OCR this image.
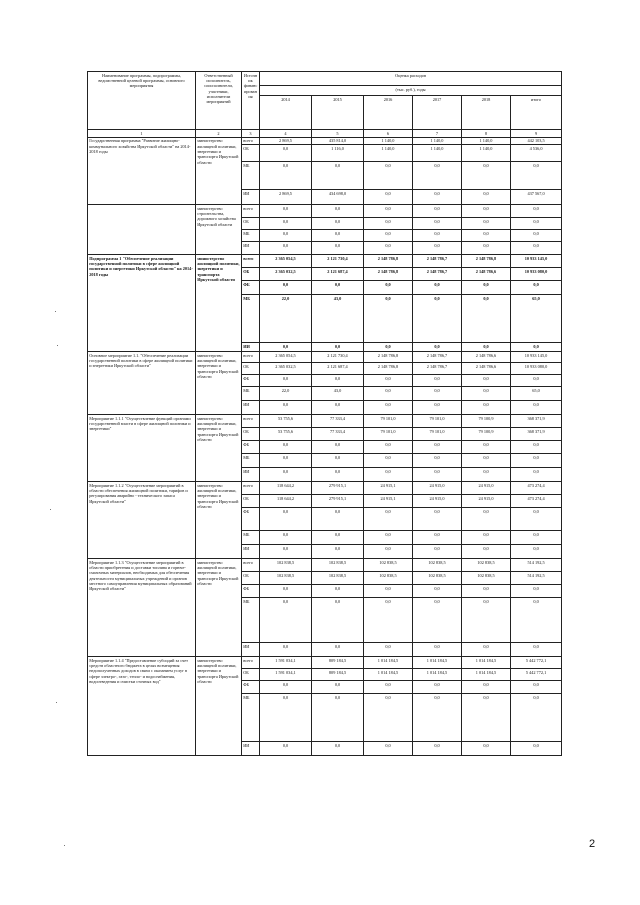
Наименование программы, подпрограммы, ведомственной целевой программы, основного мероприятия	Ответственный исполнитель, соисполнители, участники, исполнители мероприятий	Источник финансирования	Оценка расходов					
			(тыс. руб.), годы					
			2014	2015	2016	2017	2018	итого
1	2	3	4	5	6	7	8	9
Государственная программа "Развитие жилищно-коммунального хозяйства Иркутской области" на 2014-2018 годы	министерство жилищной политики, энергетики и транспорта Иркутской области	всего	2 869,5	435 814,0	1 140,0	1 140,0	1 140,0	442 103,5
		ОБ	0,0	1 116,0	1 140,0	1 140,0	1 140,0	4 536,0
		МБ	0,0	0,0	0,0	0,0	0,0	0,0
		ИИ	2 869,5	434 698,0	0,0	0,0	0,0	437 567,0
	министерство строительства, дорожного хозяйства Иркутской области	всего	0,0	0,0	0,0	0,0	0,0	0,0
		ОБ	0,0	0,0	0,0	0,0	0,0	0,0
		МБ	0,0	0,0	0,0	0,0	0,0	0,0
		ИИ	0,0	0,0	0,0	0,0	0,0	0,0
Подпрограмма 1 "Обеспечение реализации государственной политики в сфере жилищной политики и энергетики Иркутской области" на 2014-2018 годы	министерство жилищной политики, энергетики и транспорта Иркутской области	всего	2 365 054,5	2 121 730,4	2 148 786,8	2 148 786,7	2 148 786,8	10 933 145,0
		ОБ	2 365 032,5	2 121 687,4	2 148 786,8	2 148 786,7	2 148 786,6	10 933 080,0
		ФБ	0,0	0,0	0,0	0,0	0,0	0,0
		МБ	22,0	43,0	0,0	0,0	0,0	65,0
		ИИ	0,0	0,0	0,0	0,0	0,0	0,0
Основное мероприятие 1.1. "Обеспечение реализации государственной политики в сфере жилищной политики и энергетики Иркутской области"	министерство жилищной политики, энергетики и транспорта Иркутской области	всего	2 365 054,5	2 121 730,4	2 148 786,8	2 148 786,7	2 148 786,6	10 933 145,0
		ОБ	2 365 032,5	2 121 687,4	2 148 786,8	2 148 786,7	2 148 786,6	10 933 080,0
		ФБ	0,0	0,0	0,0	0,0	0,0	0,0
		МБ	22,0	43,0	0,0	0,0	0,0	65,0
		ИИ	0,0	0,0	0,0	0,0	0,0	0,0
Мероприятие 1.1.1 "Осуществление функций органами государственной власти в сфере жилищной политики и энергетики"	министерство жилищной политики, энергетики и транспорта Иркутской области	всего	53 755,6	77 333,4	79 101,0	79 101,0	79 100,9	368 371,9
		ОБ	53 755,6	77 333,4	79 101,0	79 101,0	79 100,9	368 371,9
		ФБ	0,0	0,0	0,0	0,0	0,0	0,0
		МБ	0,0	0,0	0,0	0,0	0,0	0,0
		ИИ	0,0	0,0	0,0	0,0	0,0	0,0
Мероприятие 1.1.2 "Осуществление мероприятий в области обеспечения жилищной политики, тарифов и регулирования аварийно - технического запаса Иркутской области"	министерство жилищной политики, энергетики и транспорта Иркутской области	всего	118 644,2	279 915,1	24 915,1	24 915,0	24 915,0	473 274,4
		ОБ	118 644,2	279 915,1	24 915,1	24 915,0	24 915,0	473 274,4
		ФБ	0,0	0,0	0,0	0,0	0,0	0,0
		МБ	0,0	0,0	0,0	0,0	0,0	0,0
		ИИ	0,0	0,0	0,0	0,0	0,0	0,0
Мероприятие 1.1.3 "Осуществление мероприятий в области приобретения и доставки топлива и горюче-смазочных материалов, необходимых для обеспечения деятельности муниципальных учреждений и органов местного самоуправления муниципальных образований Иркутской области"	министерство жилищной политики, энергетики и транспорта Иркутской области	всего	102 838,5	102 838,5	102 838,5	102 838,5	102 838,5	514 192,5
		ОБ	102 838,5	102 838,5	102 838,5	102 838,5	102 838,5	514 192,5
		ФБ	0,0	0,0	0,0	0,0	0,0	0,0
		МБ	0,0	0,0	0,0	0,0	0,0	0,0
		ИИ	0,0	0,0	0,0	0,0	0,0	0,0
Мероприятие 1.1.4 "Предоставление субсидий за счет средств областного бюджета в целях возмещения недополученных доходов в связи с оказанием услуг в сфере электро-, газо-, тепло- и водоснабжения, водоотведения и очистки сточных вод"	министерство жилищной политики, энергетики и транспорта Иркутской области	всего	1 591 034,1	809 184,5	1 014 184,5	1 014 184,5	1 014 184,5	5 442 772,1
		ОБ	1 591 034,1	809 184,5	1 014 184,5	1 014 184,5	1 014 184,5	5 442 772,1
		ФБ	0,0	0,0	0,0	0,0	0,0	0,0
		МБ	0,0	0,0	0,0	0,0	0,0	0,0
		ИИ	0,0	0,0	0,0	0,0	0,0	0,0
2
